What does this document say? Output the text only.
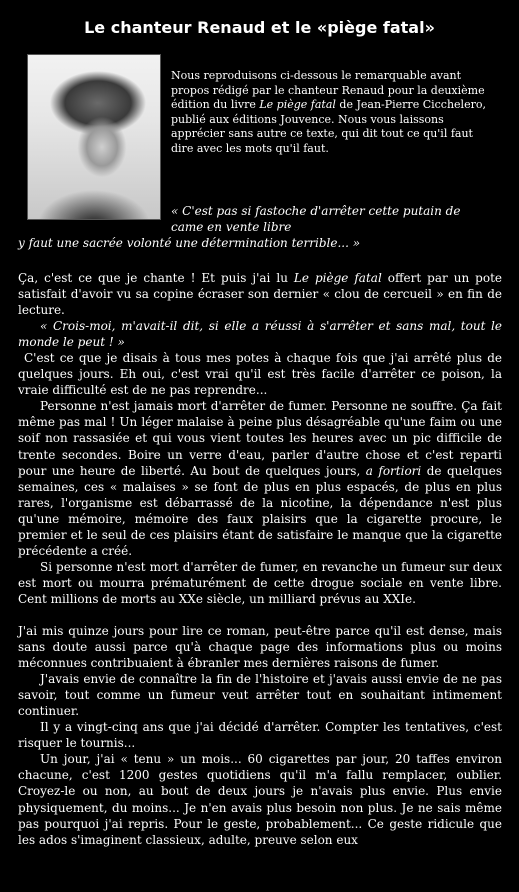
Le chanteur Renaud et le «piège fatal»
Nous reproduisons ci-dessous le remarquable avant
propos rédigé par le chanteur Renaud pour la deuxième
édition du livre Le piège fatal de Jean-Pierre Cicchelero,
publié aux éditions Jouvence. Nous vous laissons
apprécier sans autre ce texte, qui dit tout ce qu'il faut
dire avec les mots qu'il faut.
« C'est pas si fastoche d'arrêter cette putain de
came en vente libre
y faut une sacrée volonté une détermination terrible... »

Ça, c'est ce que je chante ! Et puis j'ai lu Le piège fatal offert par un pote satisfait d'avoir vu sa copine écraser son dernier « clou de cercueil » en fin de lecture.

« Crois-moi, m'avait-il dit, si elle a réussi à s'arrêter et sans mal, tout le monde le peut ! »

C'est ce que je disais à tous mes potes à chaque fois que j'ai arrêté plus de quelques jours. Eh oui, c'est vrai qu'il est très facile d'arrêter ce poison, la vraie difficulté est de ne pas reprendre...

Personne n'est jamais mort d'arrêter de fumer. Personne ne souffre. Ça fait même pas mal ! Un léger malaise à peine plus désagréable qu'une faim ou une soif non rassasiée et qui vous vient toutes les heures avec un pic difficile de trente secondes. Boire un verre d'eau, parler d'autre chose et c'est reparti pour une heure de liberté. Au bout de quelques jours, a fortiori de quelques semaines, ces « malaises » se font de plus en plus espacés, de plus en plus rares, l'organisme est débarrassé de la nicotine, la dépendance n'est plus qu'une mémoire, mémoire des faux plaisirs que la cigarette procure, le premier et le seul de ces plaisirs étant de satisfaire le manque que la cigarette précédente a créé.

Si personne n'est mort d'arrêter de fumer, en revanche un fumeur sur deux est mort ou mourra prématurément de cette drogue sociale en vente libre. Cent millions de morts au XXe siècle, un milliard prévus au XXIe.

J'ai mis quinze jours pour lire ce roman, peut-être parce qu'il est dense, mais sans doute aussi parce qu'à chaque page des informations plus ou moins méconnues contribuaient à ébranler mes dernières raisons de fumer.

J'avais envie de connaître la fin de l'histoire et j'avais aussi envie de ne pas savoir, tout comme un fumeur veut arrêter tout en souhaitant intimement continuer.

Il y a vingt-cinq ans que j'ai décidé d'arrêter. Compter les tentatives, c'est risquer le tournis...

Un jour, j'ai « tenu » un mois... 60 cigarettes par jour, 20 taffes environ chacune, c'est 1200 gestes quotidiens qu'il m'a fallu remplacer, oublier. Croyez-le ou non, au bout de deux jours je n'avais plus envie. Plus envie physiquement, du moins... Je n'en avais plus besoin non plus. Je ne sais même pas pourquoi j'ai repris. Pour le geste, probablement... Ce geste ridicule que les ados s'imaginent classieux, adulte, preuve selon eux
